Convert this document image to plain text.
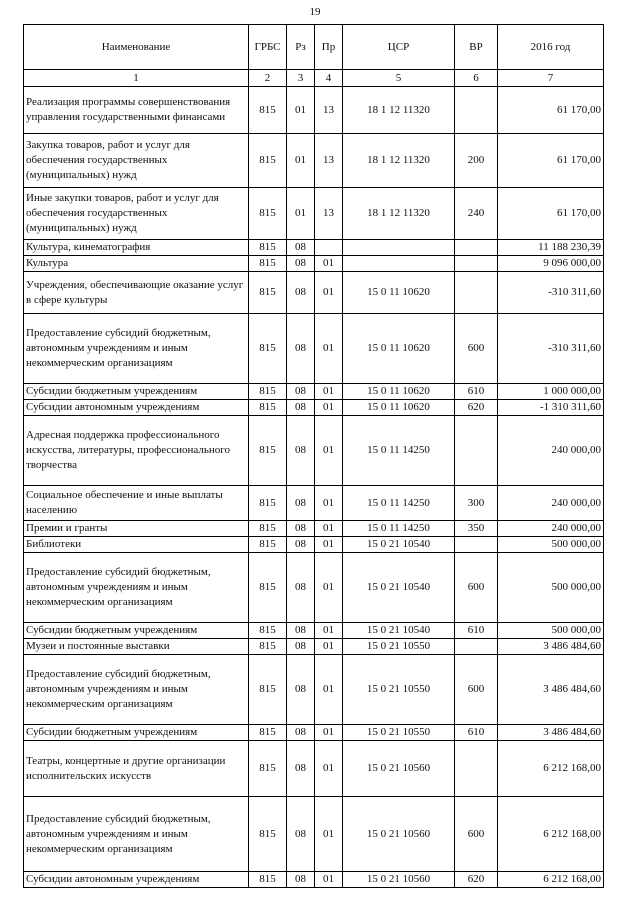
19
Наименование	ГРБС	Рз	Пр	ЦСР	ВР	2016 год
1	2	3	4	5	6	7
Реализация программы совершенствования управления государственными финансами	815	01	13	18 1 12 11320		61 170,00
Закупка товаров, работ и услуг для обеспечения государственных (муниципальных) нужд	815	01	13	18 1 12 11320	200	61 170,00
Иные закупки товаров, работ и услуг для обеспечения государственных (муниципальных) нужд	815	01	13	18 1 12 11320	240	61 170,00
Культура, кинематография	815	08				11 188 230,39
Культура	815	08	01			9 096 000,00
Учреждения, обеспечивающие оказание услуг в сфере культуры	815	08	01	15 0 11 10620		-310 311,60
Предоставление субсидий бюджетным, автономным учреждениям и иным некоммерческим организациям	815	08	01	15 0 11 10620	600	-310 311,60
Субсидии бюджетным учреждениям	815	08	01	15 0 11 10620	610	1 000 000,00
Субсидии автономным учреждениям	815	08	01	15 0 11 10620	620	-1 310 311,60
Адресная поддержка профессионального искусства, литературы, профессионального творчества	815	08	01	15 0 11 14250		240 000,00
Социальное обеспечение и иные выплаты населению	815	08	01	15 0 11 14250	300	240 000,00
Премии и гранты	815	08	01	15 0 11 14250	350	240 000,00
Библиотеки	815	08	01	15 0 21 10540		500 000,00
Предоставление субсидий бюджетным, автономным учреждениям и иным некоммерческим организациям	815	08	01	15 0 21 10540	600	500 000,00
Субсидии бюджетным учреждениям	815	08	01	15 0 21 10540	610	500 000,00
Музеи и постоянные выставки	815	08	01	15 0 21 10550		3 486 484,60
Предоставление субсидий бюджетным, автономным учреждениям и иным некоммерческим организациям	815	08	01	15 0 21 10550	600	3 486 484,60
Субсидии бюджетным учреждениям	815	08	01	15 0 21 10550	610	3 486 484,60
Театры, концертные и другие организации исполнительских искусств	815	08	01	15 0 21 10560		6 212 168,00
Предоставление субсидий бюджетным, автономным учреждениям и иным некоммерческим организациям	815	08	01	15 0 21 10560	600	6 212 168,00
Субсидии автономным учреждениям	815	08	01	15 0 21 10560	620	6 212 168,00
